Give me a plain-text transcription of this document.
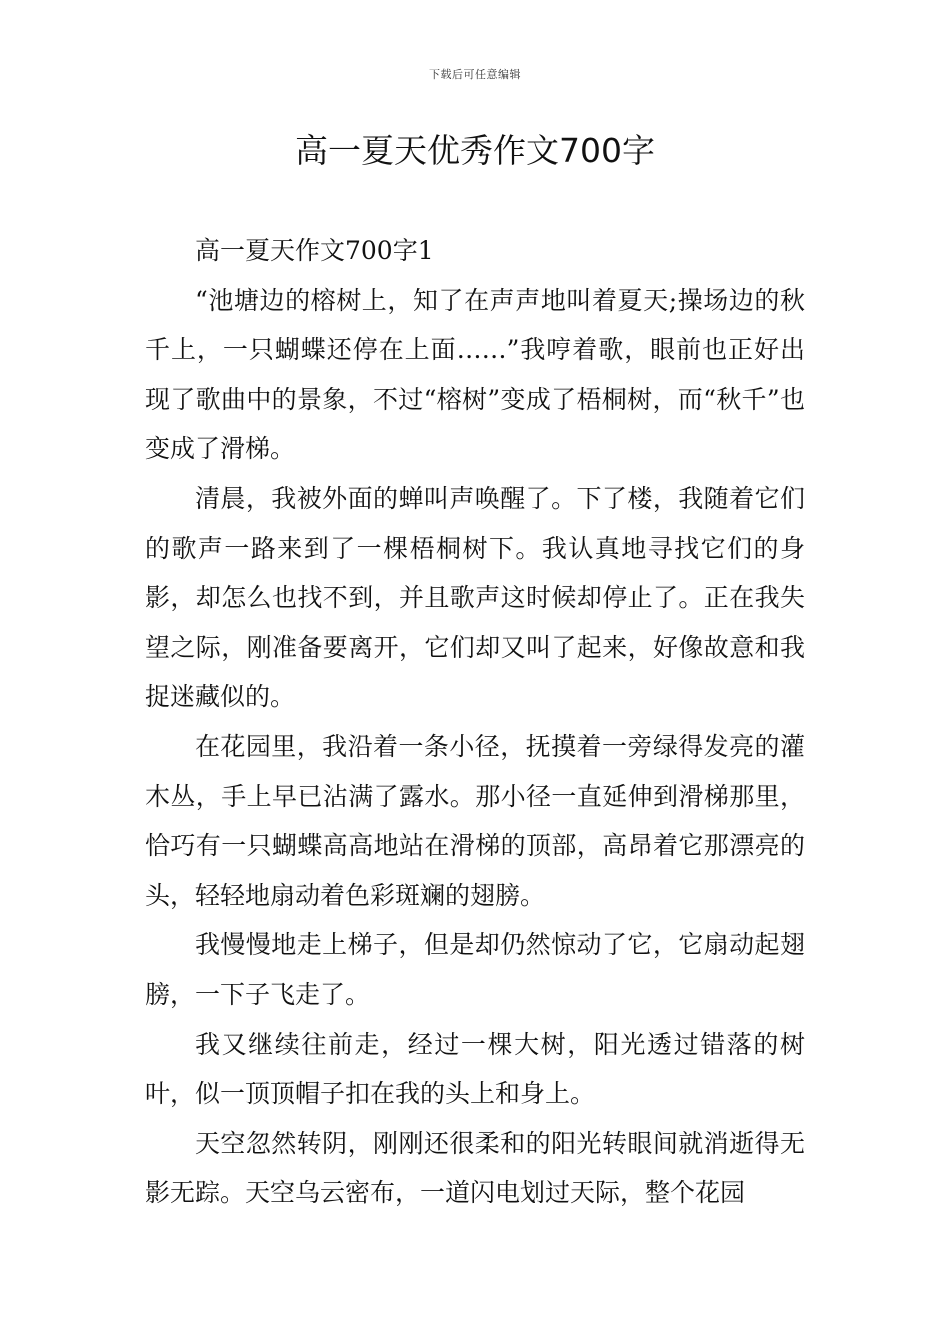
下载后可任意编辑
高一夏天优秀作文700字

高一夏天作文700字1

“池塘边的榕树上，知了在声声地叫着夏天;操场边的秋千上，一只蝴蝶还停在上面……”我哼着歌，眼前也正好出现了歌曲中的景象，不过“榕树”变成了梧桐树，而“秋千”也变成了滑梯。

清晨，我被外面的蝉叫声唤醒了。下了楼，我随着它们的歌声一路来到了一棵梧桐树下。我认真地寻找它们的身影，却怎么也找不到，并且歌声这时候却停止了。正在我失望之际，刚准备要离开，它们却又叫了起来，好像故意和我捉迷藏似的。

在花园里，我沿着一条小径，抚摸着一旁绿得发亮的灌木丛，手上早已沾满了露水。那小径一直延伸到滑梯那里，恰巧有一只蝴蝶高高地站在滑梯的顶部，高昂着它那漂亮的头，轻轻地扇动着色彩斑斓的翅膀。

我慢慢地走上梯子，但是却仍然惊动了它，它扇动起翅膀，一下子飞走了。

我又继续往前走，经过一棵大树，阳光透过错落的树叶，似一顶顶帽子扣在我的头上和身上。

天空忽然转阴，刚刚还很柔和的阳光转眼间就消逝得无影无踪。天空乌云密布，一道闪电划过天际，整个花园
